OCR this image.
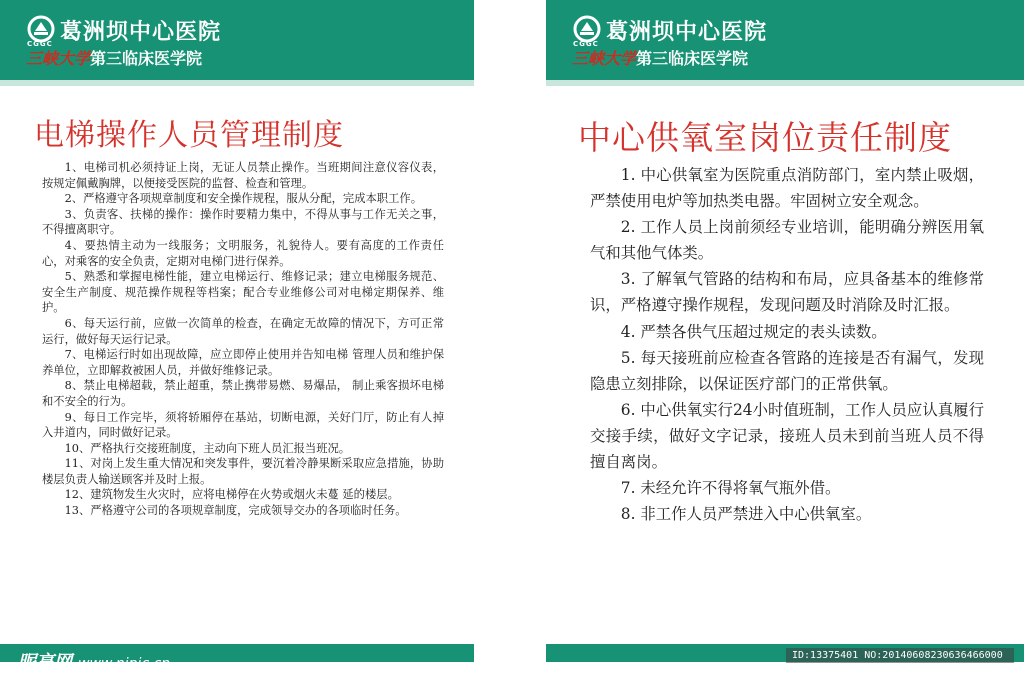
CGGC 葛洲坝中心医院
三峡大学第三临床医学院
电梯操作人员管理制度

1、电梯司机必须持证上岗，无证人员禁止操作。当班期间注意仪容仪表，按规定佩戴胸牌，以便接受医院的监督、检查和管理。

2、严格遵守各项规章制度和安全操作规程，服从分配，完成本职工作。

3、负责客、扶梯的操作：操作时要精力集中，不得从事与工作无关之事，不得擅离职守。

4、要热情主动为一线服务；文明服务，礼貌待人。要有高度的工作责任心，对乘客的安全负责，定期对电梯门进行保养。

5、熟悉和掌握电梯性能，建立电梯运行、维修记录；建立电梯服务规范、安全生产制度、规范操作规程等档案；配合专业维修公司对电梯定期保养、维护。

6、每天运行前，应做一次简单的检查，在确定无故障的情况下，方可正常运行，做好每天运行记录。

7、电梯运行时如出现故障，应立即停止使用并告知电梯 管理人员和维护保养单位，立即解救被困人员，并做好维修记录。

8、禁止电梯超载，禁止超重，禁止携带易燃、易爆品， 制止乘客损坏电梯和不安全的行为。

9、每日工作完毕，须将轿厢停在基站，切断电源，关好门厅，防止有人掉入井道内，同时做好记录。

10、严格执行交接班制度，主动向下班人员汇报当班况。

11、对岗上发生重大情况和突发事件，要沉着冷静果断采取应急措施，协助楼层负责人输送顾客并及时上报。

12、建筑物发生火灾时，应将电梯停在火势或烟火未蔓 延的楼层。

13、严格遵守公司的各项规章制度，完成领导交办的各项临时任务。

CGGC 葛洲坝中心医院
三峡大学第三临床医学院
中心供氧室岗位责任制度

1. 中心供氧室为医院重点消防部门，室内禁止吸烟，严禁使用电炉等加热类电器。牢固树立安全观念。

2. 工作人员上岗前须经专业培训，能明确分辨医用氧气和其他气体类。

3. 了解氧气管路的结构和布局，应具备基本的维修常识，严格遵守操作规程，发现问题及时消除及时汇报。

4. 严禁各供气压超过规定的表头读数。

5. 每天接班前应检查各管路的连接是否有漏气，发现隐患立刻排除，以保证医疗部门的正常供氧。

6. 中心供氧实行24小时值班制，工作人员应认真履行交接手续，做好文字记录，接班人员未到前当班人员不得擅自离岗。

7. 未经允许不得将氧气瓶外借。

8. 非工作人员严禁进入中心供氧室。

昵享网 www.nipic.cn
ID:13375401 NO:20140608230636466000
